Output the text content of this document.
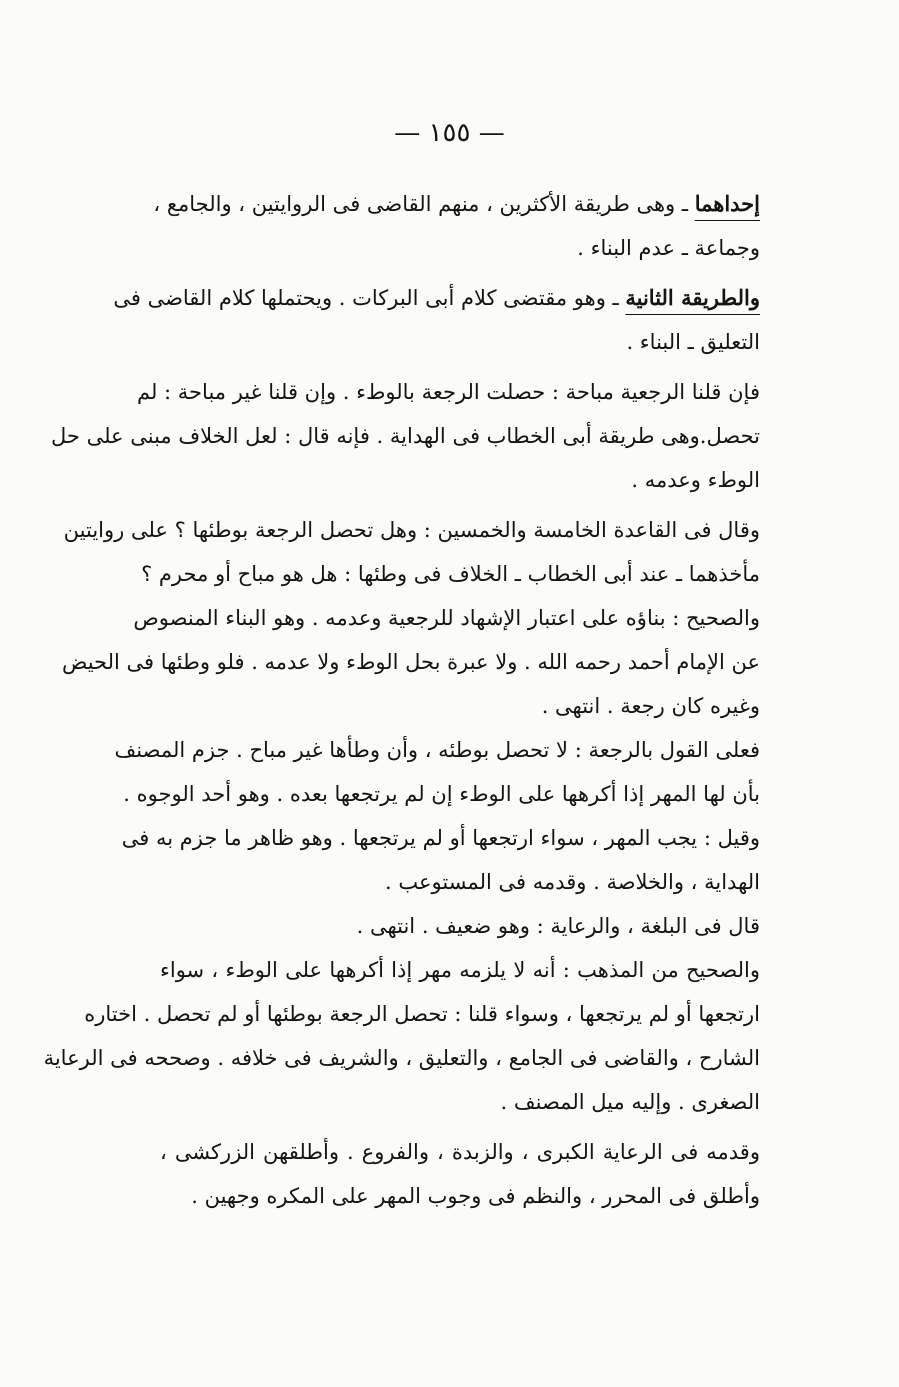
— ١٥٥ —
إحداهما ـ وهى طريقة الأكثرين ، منهم القاضى فى الروايتين ، والجامع ،
وجماعة ـ عدم البناء .
والطريقة الثانية ـ وهو مقتضى كلام أبى البركات . ويحتملها كلام القاضى فى
التعليق ـ البناء .
فإن قلنا الرجعية مباحة : حصلت الرجعة بالوطء . وإن قلنا غير مباحة : لم
تحصل.وهى طريقة أبى الخطاب فى الهداية . فإنه قال : لعل الخلاف مبنى على حل
الوطء وعدمه .
وقال فى القاعدة الخامسة والخمسين : وهل تحصل الرجعة بوطئها ؟ على روايتين
مأخذهما ـ عند أبى الخطاب ـ الخلاف فى وطئها : هل هو مباح أو محرم ؟
والصحيح : بناؤه على اعتبار الإشهاد للرجعية وعدمه . وهو البناء المنصوص
عن الإمام أحمد رحمه الله . ولا عبرة بحل الوطء ولا عدمه . فلو وطئها فى الحيض
وغيره كان رجعة . انتهى .
فعلى القول بالرجعة : لا تحصل بوطئه ، وأن وطأها غير مباح . جزم المصنف
بأن لها المهر إذا أكرهها على الوطء إن لم يرتجعها بعده . وهو أحد الوجوه .
وقيل : يجب المهر ، سواء ارتجعها أو لم يرتجعها . وهو ظاهر ما جزم به فى
الهداية ، والخلاصة . وقدمه فى المستوعب .
قال فى البلغة ، والرعاية : وهو ضعيف . انتهى .
والصحيح من المذهب : أنه لا يلزمه مهر إذا أكرهها على الوطء ، سواء
ارتجعها أو لم يرتجعها ، وسواء قلنا : تحصل الرجعة بوطئها أو لم تحصل . اختاره
الشارح ، والقاضى فى الجامع ، والتعليق ، والشريف فى خلافه . وصححه فى الرعاية
الصغرى . وإليه ميل المصنف .
وقدمه فى الرعاية الكبرى ، والزبدة ، والفروع . وأطلقهن الزركشى ،
وأطلق فى المحرر ، والنظم فى وجوب المهر على المكره وجهين .
